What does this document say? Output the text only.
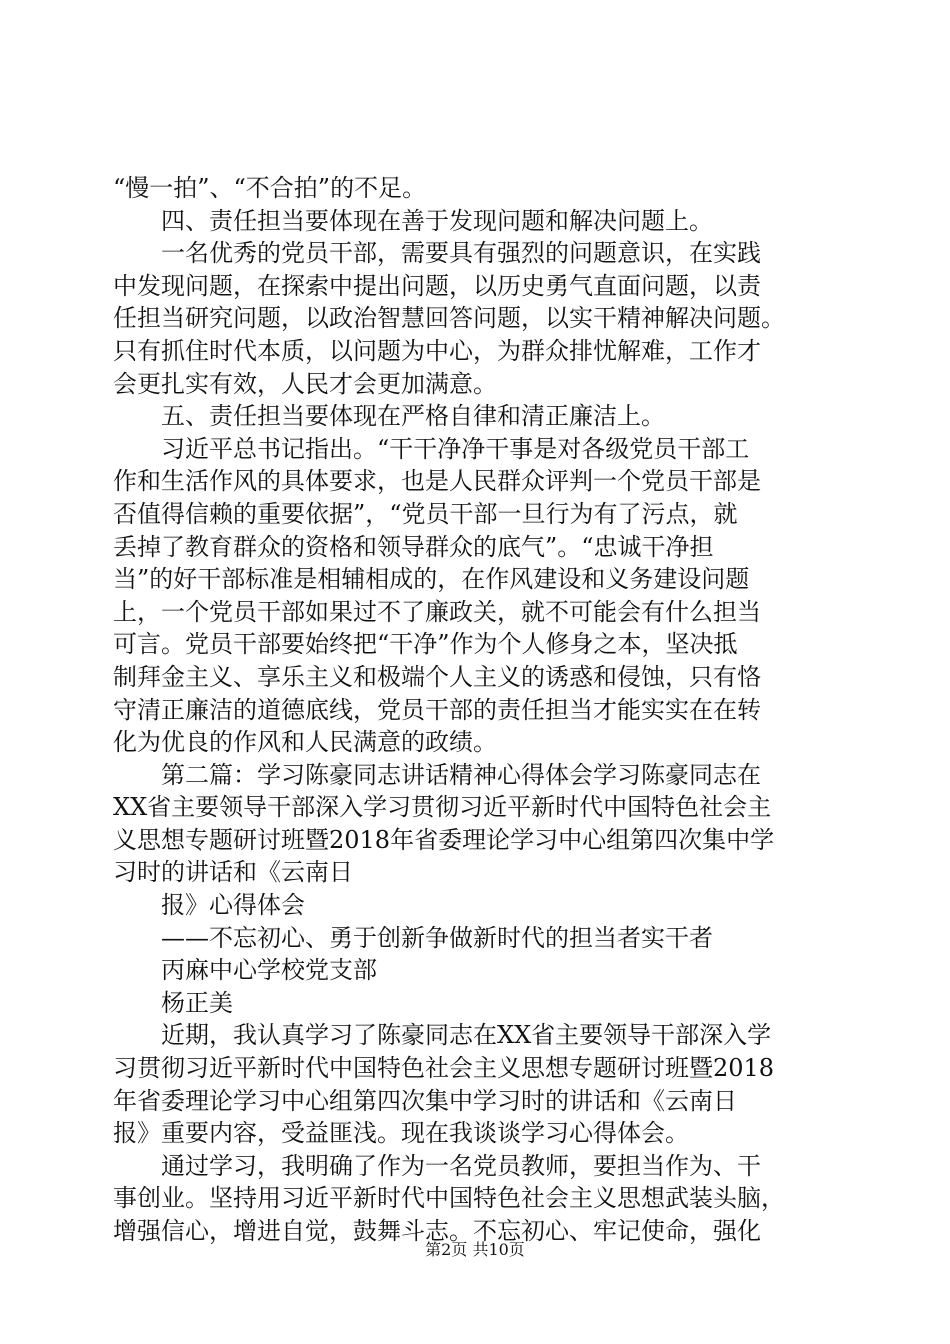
“慢一拍”、“不合拍”的不足。
四、责任担当要体现在善于发现问题和解决问题上。
一名优秀的党员干部，需要具有强烈的问题意识，在实践
中发现问题，在探索中提出问题，以历史勇气直面问题，以责
任担当研究问题，以政治智慧回答问题，以实干精神解决问题。
只有抓住时代本质，以问题为中心，为群众排忧解难，工作才
会更扎实有效，人民才会更加满意。
五、责任担当要体现在严格自律和清正廉洁上。
习近平总书记指出。“干干净净干事是对各级党员干部工
作和生活作风的具体要求，也是人民群众评判一个党员干部是
否值得信赖的重要依据”，“党员干部一旦行为有了污点，就
丢掉了教育群众的资格和领导群众的底气”。“忠诚干净担
当”的好干部标准是相辅相成的，在作风建设和义务建设问题
上，一个党员干部如果过不了廉政关，就不可能会有什么担当
可言。党员干部要始终把“干净”作为个人修身之本，坚决抵
制拜金主义、享乐主义和极端个人主义的诱惑和侵蚀，只有恪
守清正廉洁的道德底线，党员干部的责任担当才能实实在在转
化为优良的作风和人民满意的政绩。
第二篇：学习陈豪同志讲话精神心得体会学习陈豪同志在
XX省主要领导干部深入学习贯彻习近平新时代中国特色社会主
义思想专题研讨班暨2018年省委理论学习中心组第四次集中学
习时的讲话和《云南日
报》心得体会
——不忘初心、勇于创新争做新时代的担当者实干者
丙麻中心学校党支部
杨正美
近期，我认真学习了陈豪同志在XX省主要领导干部深入学
习贯彻习近平新时代中国特色社会主义思想专题研讨班暨2018
年省委理论学习中心组第四次集中学习时的讲话和《云南日
报》重要内容，受益匪浅。现在我谈谈学习心得体会。
通过学习，我明确了作为一名党员教师，要担当作为、干
事创业。坚持用习近平新时代中国特色社会主义思想武装头脑，
增强信心，增进自觉，鼓舞斗志。不忘初心、牢记使命，强化
第2页 共10页
